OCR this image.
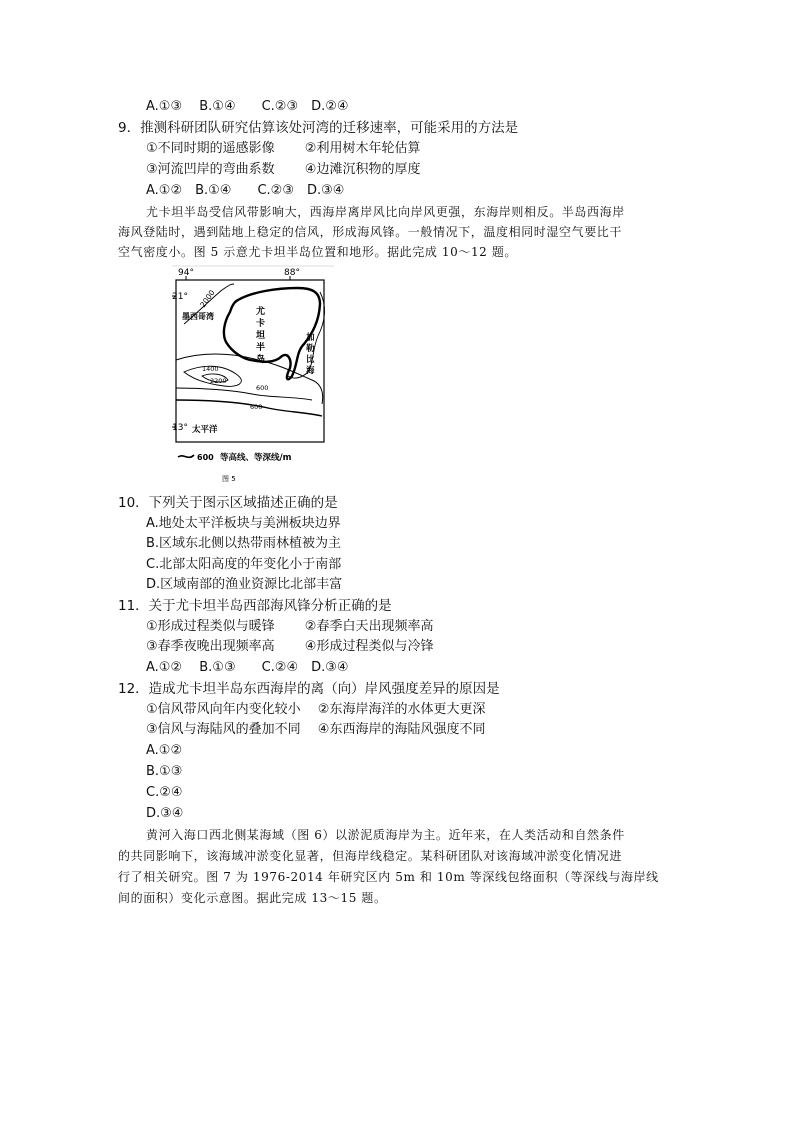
A.①③　 B.①④　　C.②③　D.②④
9．推测科研团队研究估算该处河湾的迁移速率，可能采用的方法是
①不同时期的遥感影像　　 ②利用树木年轮估算
③河流凹岸的弯曲系数　　 ④边滩沉积物的厚度
A.①②　B.①④　　C.②③　D.③④
尤卡坦半岛受信风带影响大，西海岸离岸风比向岸风更强，东海岸则相反。半岛西海岸
海风登陆时，遇到陆地上稳定的信风，形成海风锋。一般情况下，温度相同时湿空气要比干
空气密度小。图 5 示意尤卡坦半岛位置和地形。据此完成 10～12 题。
94°	88°
21°
13°
2000
1400
2200
600
600
墨西哥湾	尤
卡
坦
半
岛
加
勒
比
海
太平洋
600 等高线、等深线/m
图 5
10．下列关于图示区域描述正确的是
A.地处太平洋板块与美洲板块边界
B.区域东北侧以热带雨林植被为主
C.北部太阳高度的年变化小于南部
D.区域南部的渔业资源比北部丰富
11．关于尤卡坦半岛西部海风锋分析正确的是
①形成过程类似与暖锋　　 ②春季白天出现频率高
③春季夜晚出现频率高　　 ④形成过程类似与冷锋
A.①②　 B.①③　　C.②④　D.③④
12．造成尤卡坦半岛东西海岸的离（向）岸风强度差异的原因是
①信风带风向年内变化较小　 ②东海岸海洋的水体更大更深
③信风与海陆风的叠加不同　 ④东西海岸的海陆风强度不同
A.①②
B.①③
C.②④
D.③④
黄河入海口西北侧某海域（图 6）以淤泥质海岸为主。近年来，在人类活动和自然条件
的共同影响下，该海域冲淤变化显著，但海岸线稳定。某科研团队对该海域冲淤变化情况进
行了相关研究。图 7 为 1976-2014 年研究区内 5m 和 10m 等深线包络面积（等深线与海岸线
间的面积）变化示意图。据此完成 13～15 题。
